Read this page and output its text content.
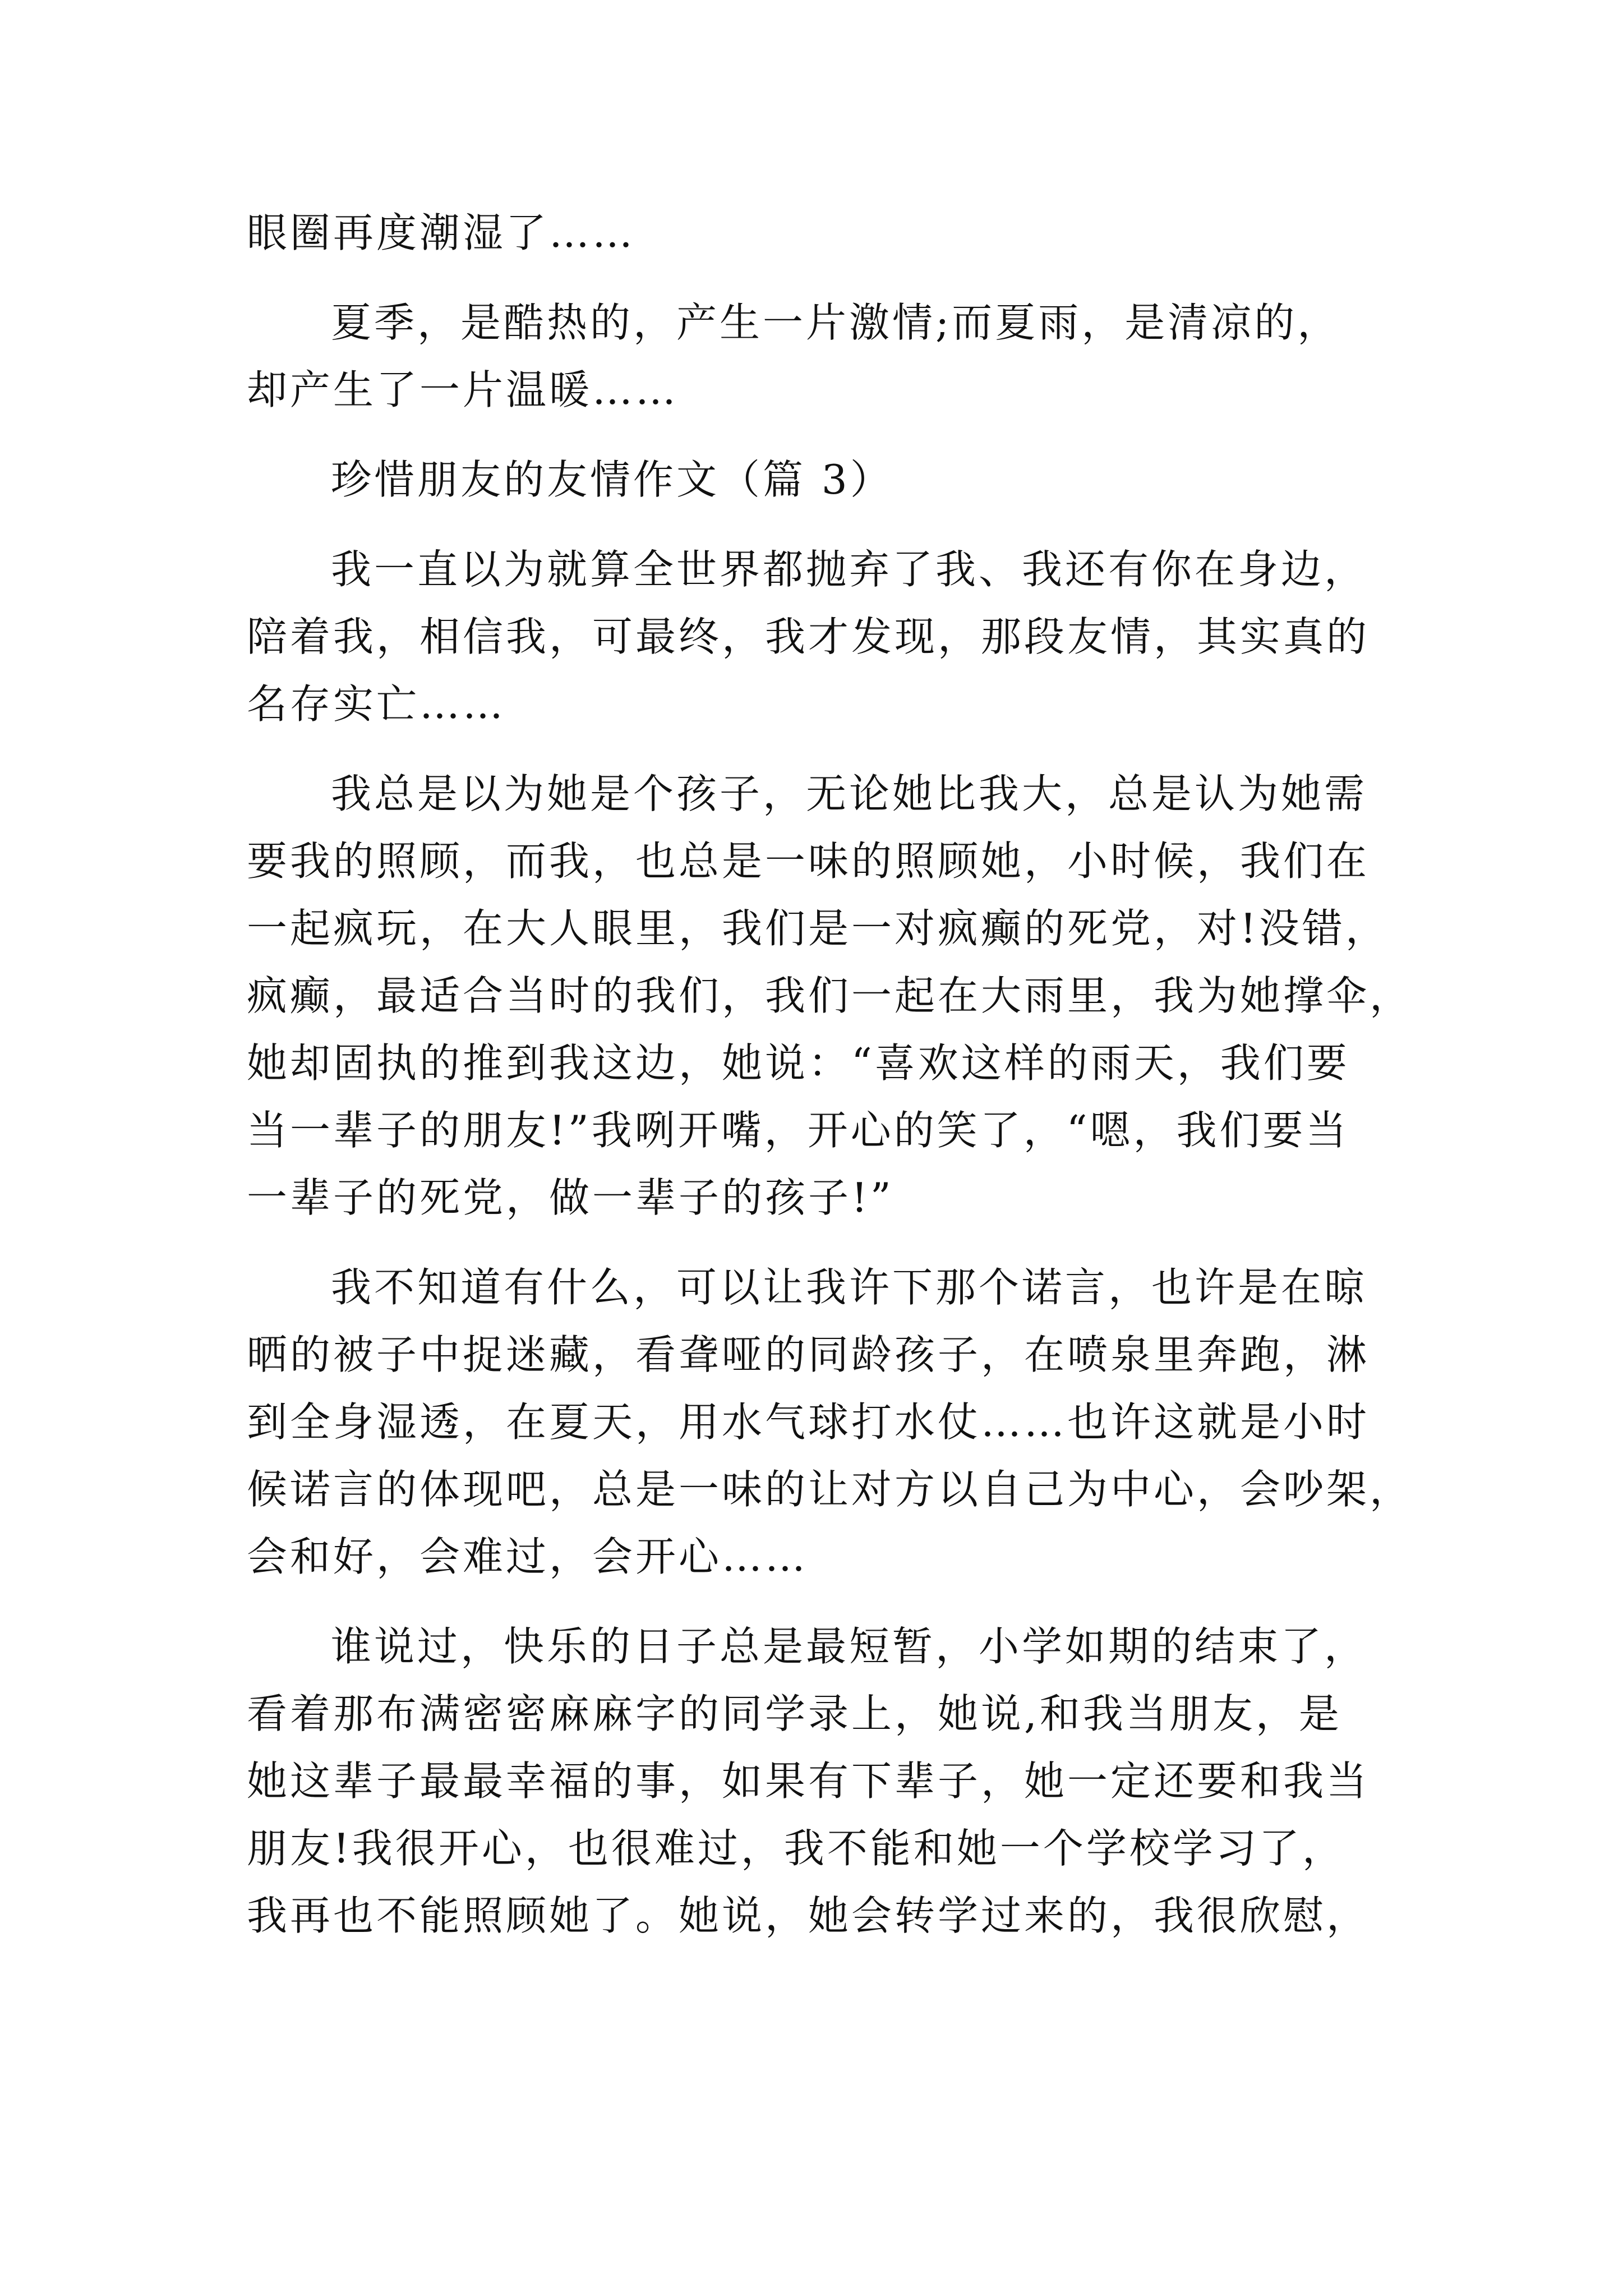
眼圈再度潮湿了……
夏季，是酷热的，产生一片激情;而夏雨，是清凉的，
却产生了一片温暖……
珍惜朋友的友情作文（篇 3）
我一直以为就算全世界都抛弃了我、我还有你在身边，
陪着我，相信我，可最终，我才发现，那段友情，其实真的
名存实亡……
我总是以为她是个孩子，无论她比我大，总是认为她需
要我的照顾，而我，也总是一味的照顾她，小时候，我们在
一起疯玩，在大人眼里，我们是一对疯癫的死党，对!没错，
疯癫，最适合当时的我们，我们一起在大雨里，我为她撑伞，
她却固执的推到我这边，她说：“喜欢这样的雨天，我们要
当一辈子的朋友!”我咧开嘴，开心的笑了，“嗯，我们要当
一辈子的死党，做一辈子的孩子!”
我不知道有什么，可以让我许下那个诺言，也许是在晾
晒的被子中捉迷藏，看聋哑的同龄孩子，在喷泉里奔跑，淋
到全身湿透，在夏天，用水气球打水仗……也许这就是小时
候诺言的体现吧，总是一味的让对方以自己为中心，会吵架，
会和好，会难过，会开心……
谁说过，快乐的日子总是最短暂，小学如期的结束了，
看着那布满密密麻麻字的同学录上，她说,和我当朋友，是
她这辈子最最幸福的事，如果有下辈子，她一定还要和我当
朋友!我很开心，也很难过，我不能和她一个学校学习了，
我再也不能照顾她了。她说，她会转学过来的，我很欣慰，
